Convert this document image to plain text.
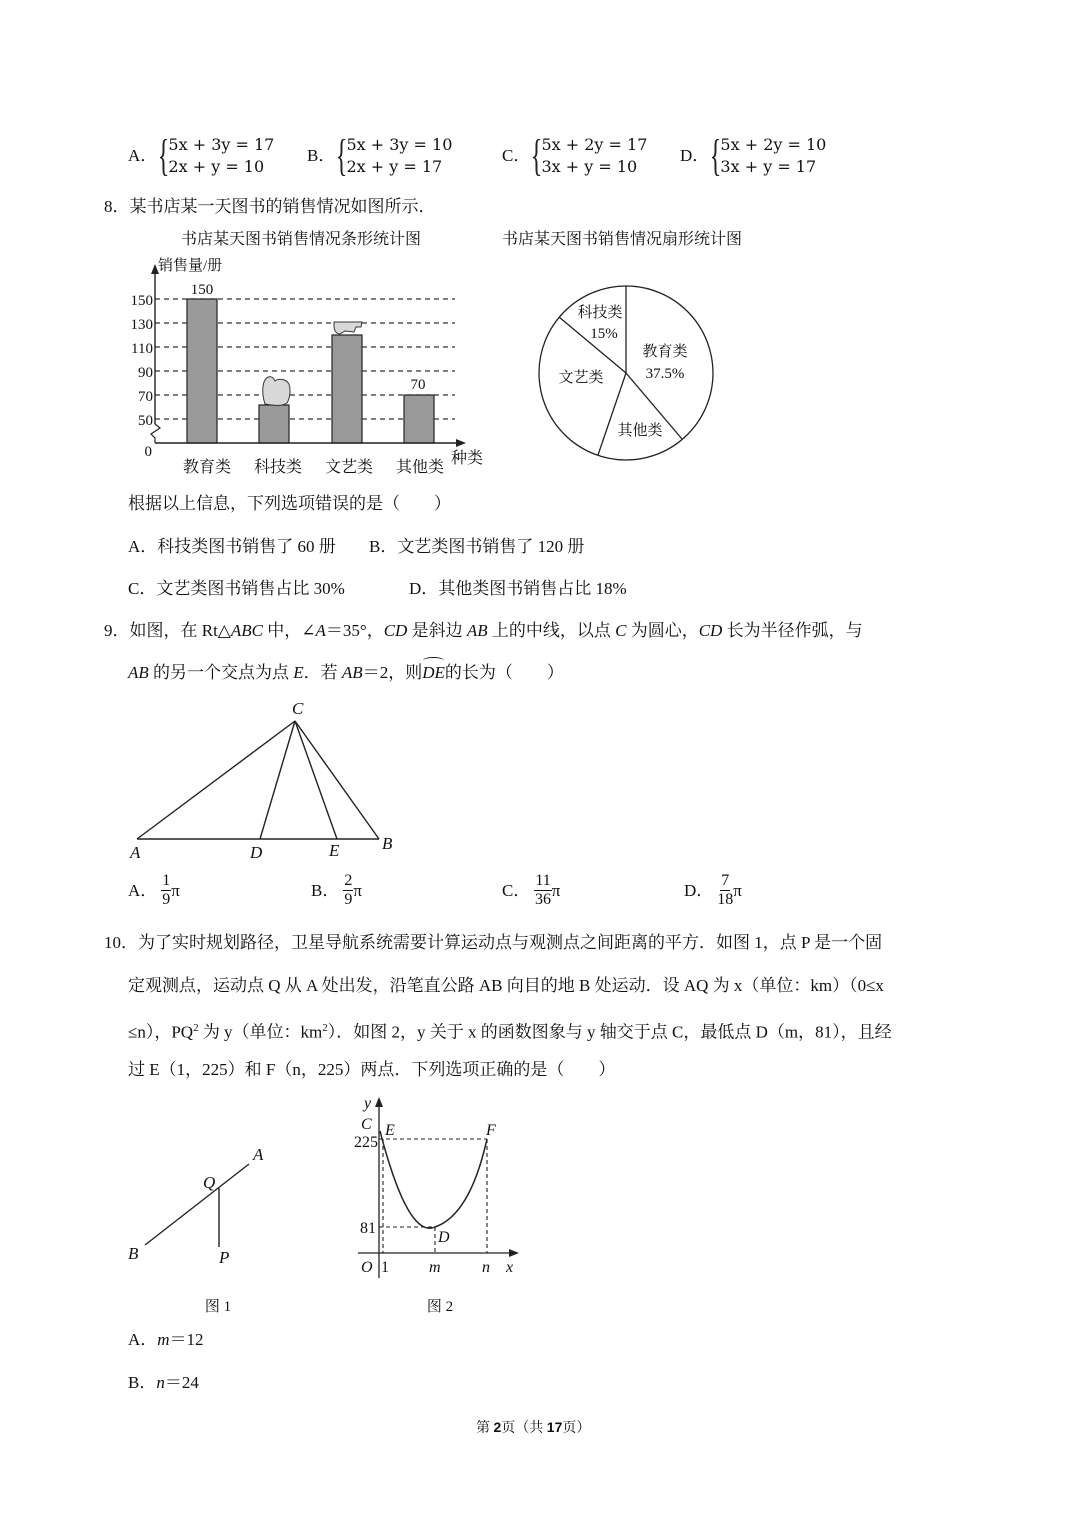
A． {
5x + 3y = 17
2x + y = 10
B． {
5x + 3y = 10
2x + y = 17
C． {
5x + 2y = 17
3x + y = 10
D． {
5x + 2y = 10
3x + y = 17
8．某书店某一天图书的销售情况如图所示．
书店某天图书销售情况条形统计图
150
130
110
90
70
50
0
销售量/册
150
70
教育类 科技类 文艺类 其他类
种类
书店某天图书销售情况扇形统计图
教育类
37.5%
科技类
15%
文艺类
其他类
根据以上信息，下列选项错误的是（　　）
A．科技类图书销售了 60 册 B．文艺类图书销售了 120 册
C．文艺类图书销售占比 30%	D．其他类图书销售占比 18%
9．如图，在 Rt△ABC 中，∠A＝35°，CD 是斜边 AB 上的中线，以点 C 为圆心，CD 长为半径作弧，与
AB 的另一个交点为点 E．若 AB＝2，则
DE的长为（　　）
C
A	D	E	B
A． $\frac{1}{9}$ π	B． $\frac{2}{9}$ π	C． $\frac{11}{36}$ π	D． $\frac{7}{18}$ π
10．为了实时规划路径，卫星导航系统需要计算运动点与观测点之间距离的平方．如图 1，点 P 是一个固
定观测点，运动点 Q 从 A 处出发，沿笔直公路 AB 向目的地 B 处运动．设 AQ 为 x（单位：km）（0≤x
≤n），$PQ^2$ 为 y（单位：$km^2$）．如图 2，y 关于 x 的函数图象与 y 轴交于点 C，最低点 D（m，81），且经
过 E（1，225）和 F（n，225）两点．下列选项正确的是（　　）
A
Q
B	P
图 1
y
C E	F
D
O	m	n x
225
81
1
图 2
A．m＝12
B．n＝24
第 2页（共 17页）
